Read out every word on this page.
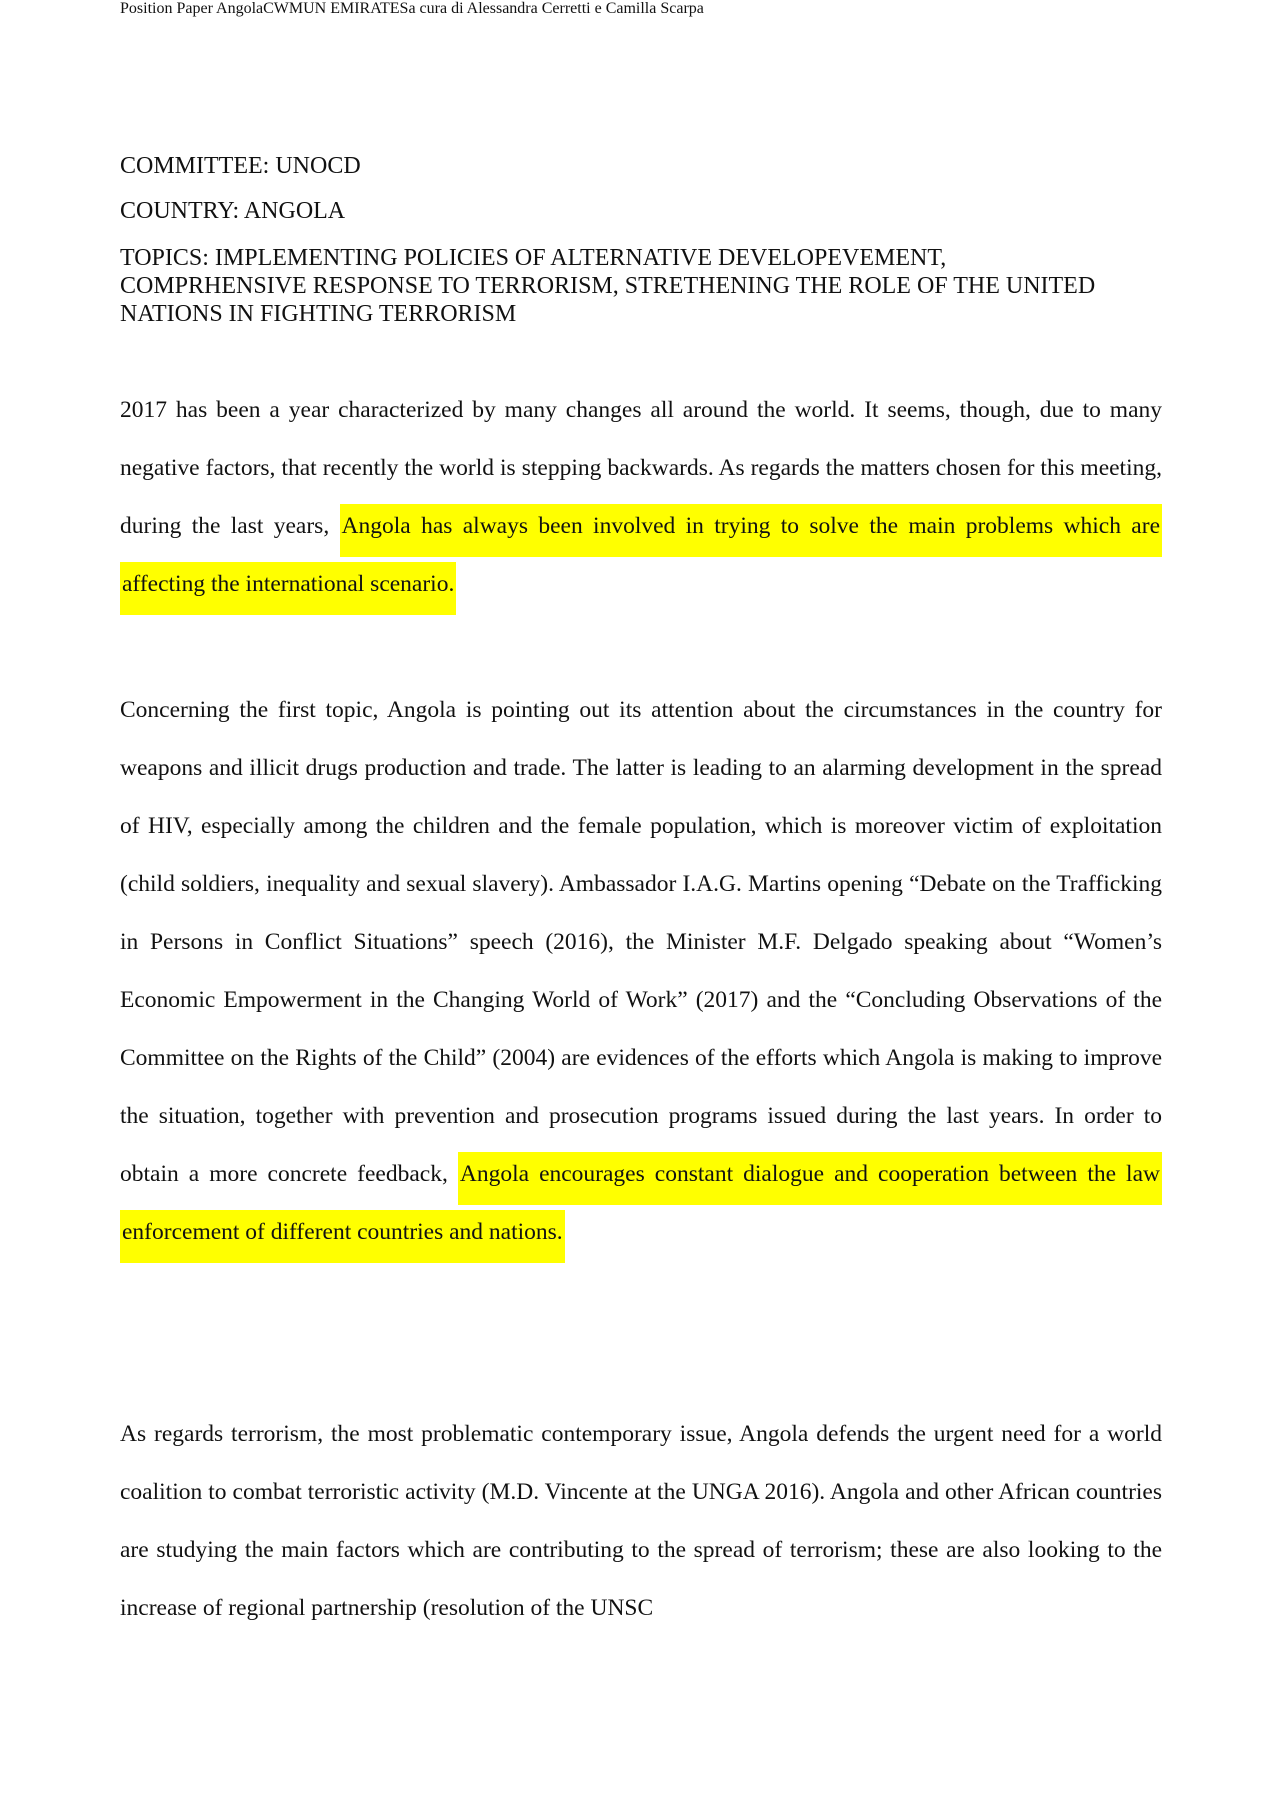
Position Paper AngolaCWMUN EMIRATESa cura di Alessandra Cerretti e Camilla Scarpa

COMMITTEE: UNOCD

COUNTRY: ANGOLA

TOPICS: IMPLEMENTING POLICIES OF ALTERNATIVE DEVELOPEVEMENT, COMPRHENSIVE RESPONSE TO TERRORISM, STRETHENING THE ROLE OF THE UNITED NATIONS IN FIGHTING TERRORISM

2017 has been a year characterized by many changes all around the world. It seems, though, due to many negative factors, that recently the world is stepping backwards. As regards the matters chosen for this meeting, during the last years, Angola has always been involved in trying to solve the main problems which are affecting the international scenario.

Concerning the first topic, Angola is pointing out its attention about the circumstances in the country for weapons and illicit drugs production and trade. The latter is leading to an alarming development in the spread of HIV, especially among the children and the female population, which is moreover victim of exploitation (child soldiers, inequality and sexual slavery). Ambassador I.A.G. Martins opening “Debate on the Trafficking in Persons in Conflict Situations” speech (2016), the Minister M.F. Delgado speaking about “Women’s Economic Empowerment in the Changing World of Work” (2017) and the “Concluding Observations of the Committee on the Rights of the Child” (2004) are evidences of the efforts which Angola is making to improve the situation, together with prevention and prosecution programs issued during the last years. In order to obtain a more concrete feedback, Angola encourages constant dialogue and cooperation between the law enforcement of different countries and nations.

As regards terrorism, the most problematic contemporary issue, Angola defends the urgent need for a world coalition to combat terroristic activity (M.D. Vincente at the UNGA 2016). Angola and other African countries are studying the main factors which are contributing to the spread of terrorism; these are also looking to the increase of regional partnership (resolution of the UNSC
